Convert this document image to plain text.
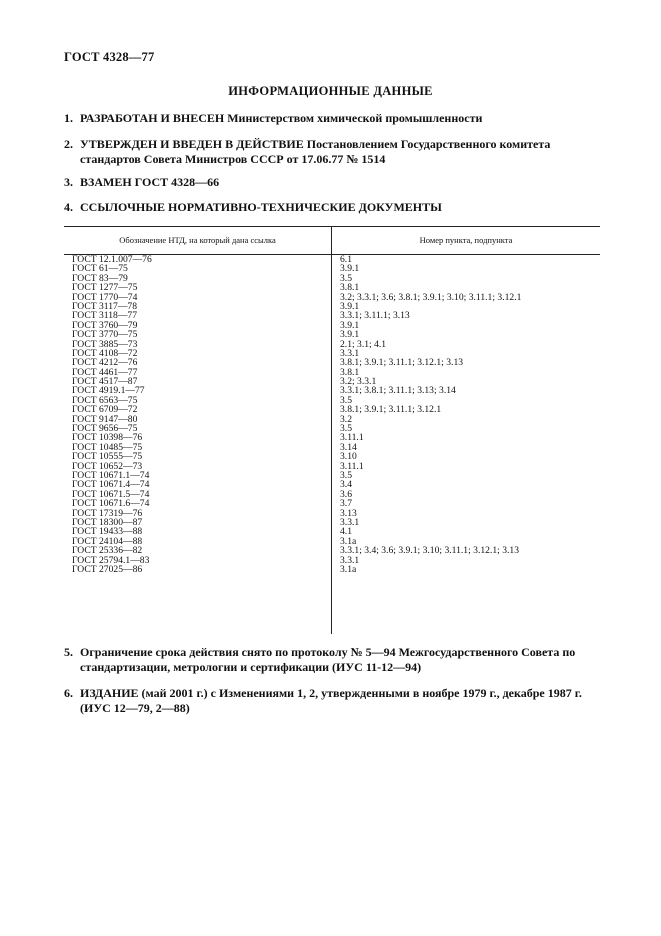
ГОСТ 4328—77
ИНФОРМАЦИОННЫЕ ДАННЫЕ
1. РАЗРАБОТАН И ВНЕСЕН Министерством химической промышленности
2. УТВЕРЖДЕН И ВВЕДЕН В ДЕЙСТВИЕ Постановлением Государственного комитета стандартов Совета Министров СССР от 17.06.77 № 1514
3. ВЗАМЕН ГОСТ 4328—66
4. ССЫЛОЧНЫЕ НОРМАТИВНО-ТЕХНИЧЕСКИЕ ДОКУМЕНТЫ
Обозначение НТД, на который дана ссылка	Номер пункта, подпункта
ГОСТ 12.1.007—76	6.1
ГОСТ 61—75	3.9.1
ГОСТ 83—79	3.5
ГОСТ 1277—75	3.8.1
ГОСТ 1770—74	3.2; 3.3.1; 3.6; 3.8.1; 3.9.1; 3.10; 3.11.1; 3.12.1
ГОСТ 3117—78	3.9.1
ГОСТ 3118—77	3.3.1; 3.11.1; 3.13
ГОСТ 3760—79	3.9.1
ГОСТ 3770—75	3.9.1
ГОСТ 3885—73	2.1; 3.1; 4.1
ГОСТ 4108—72	3.3.1
ГОСТ 4212—76	3.8.1; 3.9.1; 3.11.1; 3.12.1; 3.13
ГОСТ 4461—77	3.8.1
ГОСТ 4517—87	3.2; 3.3.1
ГОСТ 4919.1—77	3.3.1; 3.8.1; 3.11.1; 3.13; 3.14
ГОСТ 6563—75	3.5
ГОСТ 6709—72	3.8.1; 3.9.1; 3.11.1; 3.12.1
ГОСТ 9147—80	3.2
ГОСТ 9656—75	3.5
ГОСТ 10398—76	3.11.1
ГОСТ 10485—75	3.14
ГОСТ 10555—75	3.10
ГОСТ 10652—73	3.11.1
ГОСТ 10671.1—74	3.5
ГОСТ 10671.4—74	3.4
ГОСТ 10671.5—74	3.6
ГОСТ 10671.6—74	3.7
ГОСТ 17319—76	3.13
ГОСТ 18300—87	3.3.1
ГОСТ 19433—88	4.1
ГОСТ 24104—88	3.1а
ГОСТ 25336—82	3.3.1; 3.4; 3.6; 3.9.1; 3.10; 3.11.1; 3.12.1; 3.13
ГОСТ 25794.1—83	3.3.1
ГОСТ 27025—86	3.1а
5. Ограничение срока действия снято по протоколу № 5—94 Межгосударственного Совета по стандартизации, метрологии и сертификации (ИУС 11-12—94)
6. ИЗДАНИЕ (май 2001 г.) с Изменениями 1, 2, утвержденными в ноябре 1979 г., декабре 1987 г. (ИУС 12—79, 2—88)
